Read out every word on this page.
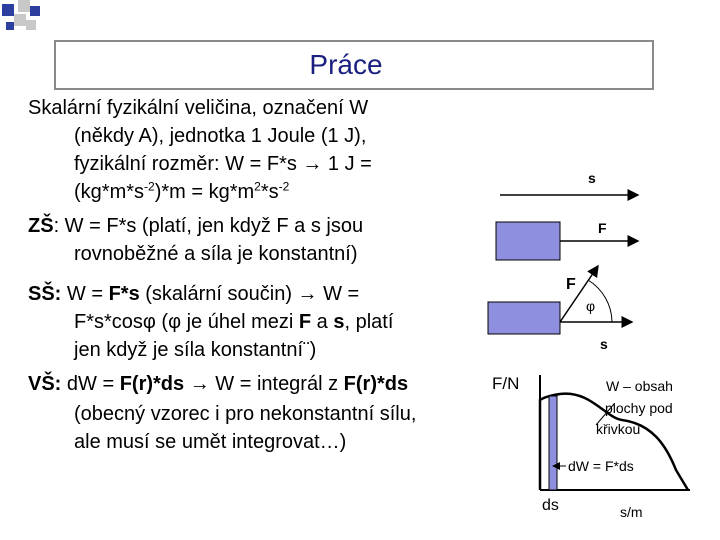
Práce
Skalární fyzikální veličina, označení W
(někdy A), jednotka 1 Joule (1 J),
fyzikální rozměr: W = F*s → 1 J =
$(kg*m*s^{-2})*m = kg*m^2*s^{-2}$
ZŠ: W = F*s (platí, jen když F a s jsou
rovnoběžné a síla je konstantní)
SŠ: W = F*s (skalární součin) → W =
F*s*cosφ (φ je úhel mezi F a s, platí
jen když je síla konstantní¨)
VŠ: dW = F(r)*ds → W = integrál z F(r)*ds
(obecný vzorec i pro nekonstantní sílu,
ale musí se umět integrovat…)
s
F
F
φ
s
F/N	W – obsah
plochy pod
křivkou
dW = F*ds
ds	s/m
